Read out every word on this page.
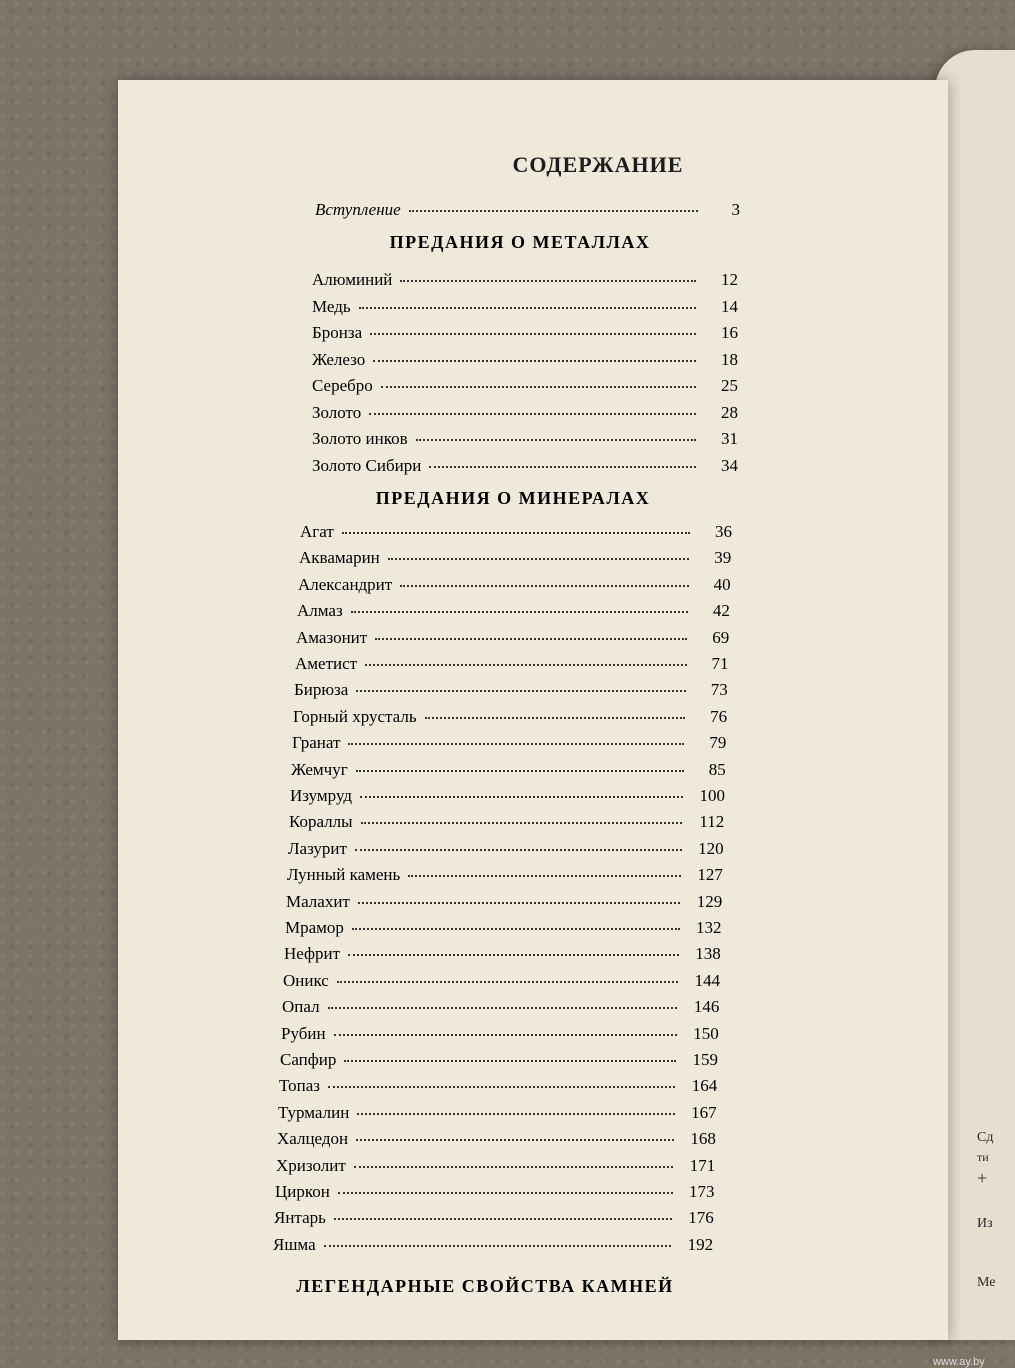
Сд
ти
+
Из
Ме
www.ay.by
СОДЕРЖАНИЕ
Вступление	3
ПРЕДАНИЯ О МЕТАЛЛАХ
Алюминий	12
Медь	14
Бронза	16
Железо	18
Серебро	25
Золото	28
Золото инков	31
Золото Сибири	34
ПРЕДАНИЯ О МИНЕРАЛАХ
Агат	36
Аквамарин	39
Александрит	40
Алмаз	42
Амазонит	69
Аметист	71
Бирюза	73
Горный хрусталь	76
Гранат	79
Жемчуг	85
Изумруд	100
Кораллы	112
Лазурит	120
Лунный камень	127
Малахит	129
Мрамор	132
Нефрит	138
Оникс	144
Опал	146
Рубин	150
Сапфир	159
Топаз	164
Турмалин	167
Халцедон	168
Хризолит	171
Циркон	173
Янтарь	176
Яшма	192
ЛЕГЕНДАРНЫЕ СВОЙСТВА КАМНЕЙ
